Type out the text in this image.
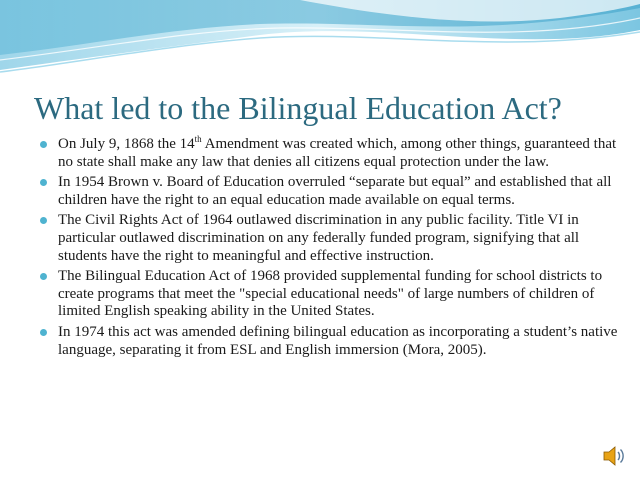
What led to the Bilingual Education Act?
On July 9, 1868 the 14th Amendment was created which, among other things, guaranteed that no state shall make any law that denies all citizens equal protection under the law.
In 1954 Brown v. Board of Education overruled “separate but equal” and established that all children have the right to an equal education made available on equal terms.
The Civil Rights Act of 1964 outlawed discrimination in any public facility. Title VI in particular outlawed discrimination on any federally funded program, signifying that all students have the right to meaningful and effective instruction.
The Bilingual Education Act of 1968 provided supplemental funding for school districts to create programs that meet the "special educational needs" of large numbers of children of limited English speaking ability in the United States.
In 1974 this act was amended defining bilingual education as incorporating a student’s native language, separating it from ESL and English immersion (Mora, 2005).
